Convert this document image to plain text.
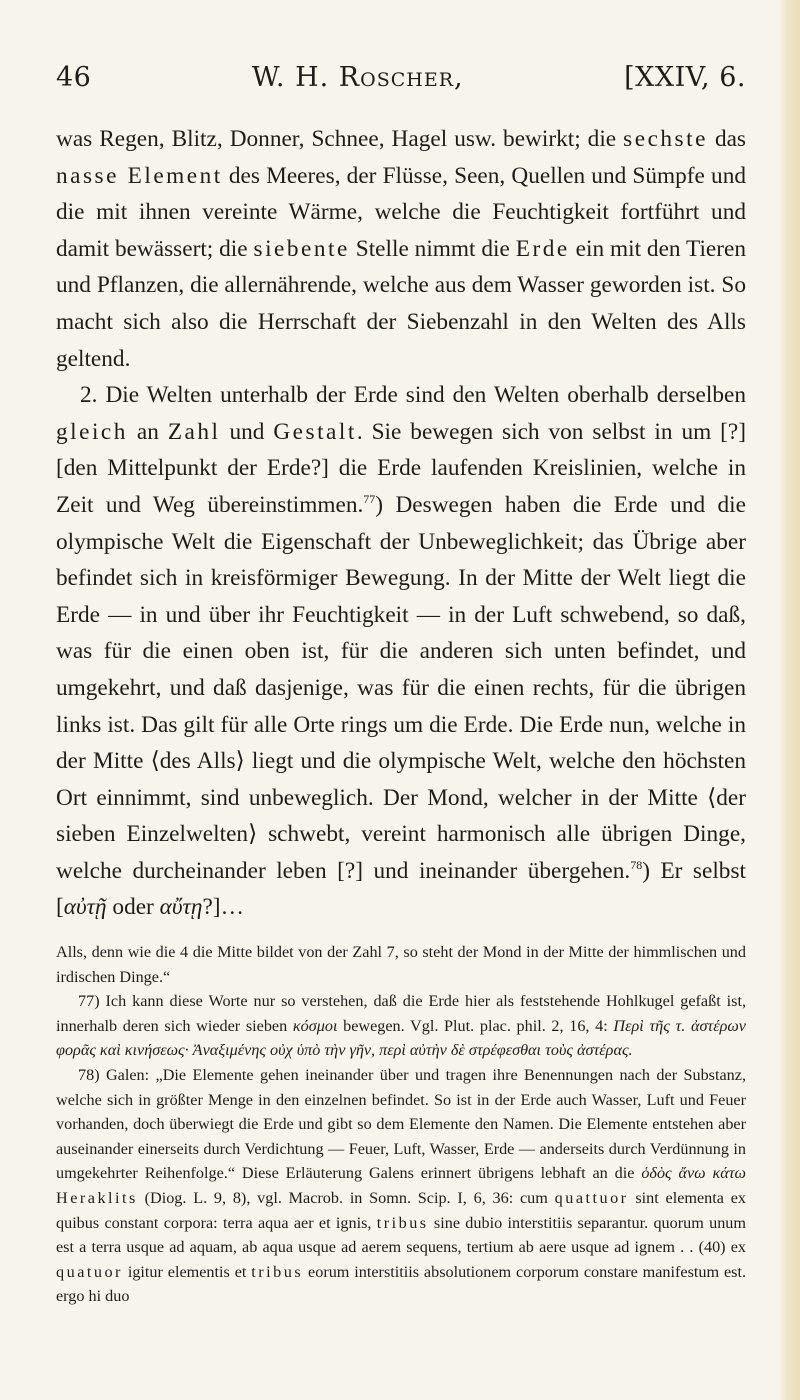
46	W. H. Roscher,	[XXIV, 6.

was Regen, Blitz, Donner, Schnee, Hagel usw. bewirkt; die sechste das nasse Element des Meeres, der Flüsse, Seen, Quellen und Sümpfe und die mit ihnen vereinte Wärme, welche die Feuchtigkeit fortführt und damit bewässert; die siebente Stelle nimmt die Erde ein mit den Tieren und Pflanzen, die allernährende, welche aus dem Wasser geworden ist. So macht sich also die Herrschaft der Siebenzahl in den Welten des Alls geltend.

2. Die Welten unterhalb der Erde sind den Welten oberhalb derselben gleich an Zahl und Gestalt. Sie bewegen sich von selbst in um [?] [den Mittelpunkt der Erde?] die Erde laufenden Kreislinien, welche in Zeit und Weg übereinstimmen.$^{77}$) Deswegen haben die Erde und die olympische Welt die Eigenschaft der Unbeweglichkeit; das Übrige aber befindet sich in kreisförmiger Bewegung. In der Mitte der Welt liegt die Erde — in und über ihr Feuchtigkeit — in der Luft schwebend, so daß, was für die einen oben ist, für die anderen sich unten befindet, und umgekehrt, und daß dasjenige, was für die einen rechts, für die übrigen links ist. Das gilt für alle Orte rings um die Erde. Die Erde nun, welche in der Mitte ⟨des Alls⟩ liegt und die olympische Welt, welche den höchsten Ort einnimmt, sind unbeweglich. Der Mond, welcher in der Mitte ⟨der sieben Einzelwelten⟩ schwebt, vereint harmonisch alle übrigen Dinge, welche durcheinander leben [?] und ineinander übergehen.$^{78}$) Er selbst [αὐτῇ oder αὔτῃ?]…

Alls, denn wie die 4 die Mitte bildet von der Zahl 7, so steht der Mond in der Mitte der himmlischen und irdischen Dinge.“

77) Ich kann diese Worte nur so verstehen, daß die Erde hier als feststehende Hohlkugel gefaßt ist, innerhalb deren sich wieder sieben κόσμοι bewegen. Vgl. Plut. plac. phil. 2, 16, 4: Περὶ τῆς τ. ἀστέρων φορᾶς καὶ κινήσεως· Ἀναξιμένης οὐχ ὑπὸ τὴν γῆν, περὶ αὐτὴν δὲ στρέφεσθαι τοὺς ἀστέρας.

78) Galen: „Die Elemente gehen ineinander über und tragen ihre Benennungen nach der Substanz, welche sich in größter Menge in den einzelnen befindet. So ist in der Erde auch Wasser, Luft und Feuer vorhanden, doch überwiegt die Erde und gibt so dem Elemente den Namen. Die Elemente entstehen aber auseinander einerseits durch Verdichtung — Feuer, Luft, Wasser, Erde — anderseits durch Verdünnung in umgekehrter Reihenfolge.“ Diese Erläuterung Galens erinnert übrigens lebhaft an die ὁδὸς ἄνω κάτω Heraklits (Diog. L. 9, 8), vgl. Macrob. in Somn. Scip. I, 6, 36: cum quattuor sint elementa ex quibus constant corpora: terra aqua aer et ignis, tribus sine dubio interstitiis separantur. quorum unum est a terra usque ad aquam, ab aqua usque ad aerem sequens, tertium ab aere usque ad ignem . . (40) ex quatuor igitur elementis et tribus eorum interstitiis absolutionem corporum constare manifestum est. ergo hi duo
